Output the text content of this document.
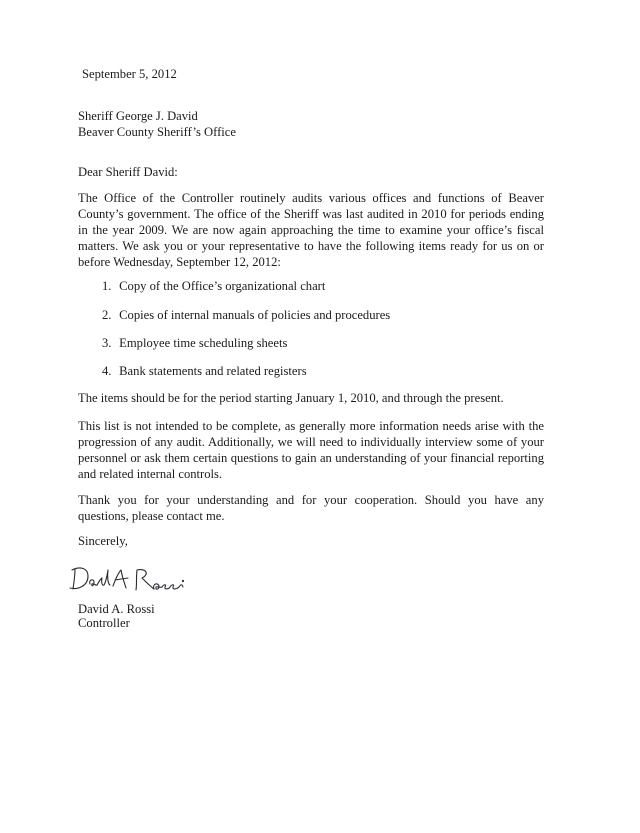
September 5, 2012
Sheriff George J. David
Beaver County Sheriff’s Office
Dear Sheriff David:
The Office of the Controller routinely audits various offices and functions of Beaver County’s government. The office of the Sheriff was last audited in 2010 for periods ending in the year 2009. We are now again approaching the time to examine your office’s fiscal matters. We ask you or your representative to have the following items ready for us on or before Wednesday, September 12, 2012:
1. Copy of the Office’s organizational chart
2. Copies of internal manuals of policies and procedures
3. Employee time scheduling sheets
4. Bank statements and related registers
The items should be for the period starting January 1, 2010, and through the present.
This list is not intended to be complete, as generally more information needs arise with the progression of any audit. Additionally, we will need to individually interview some of your personnel or ask them certain questions to gain an understanding of your financial reporting and related internal controls.
Thank you for your understanding and for your cooperation. Should you have any questions, please contact me.
Sincerely,
David A. Rossi
Controller
